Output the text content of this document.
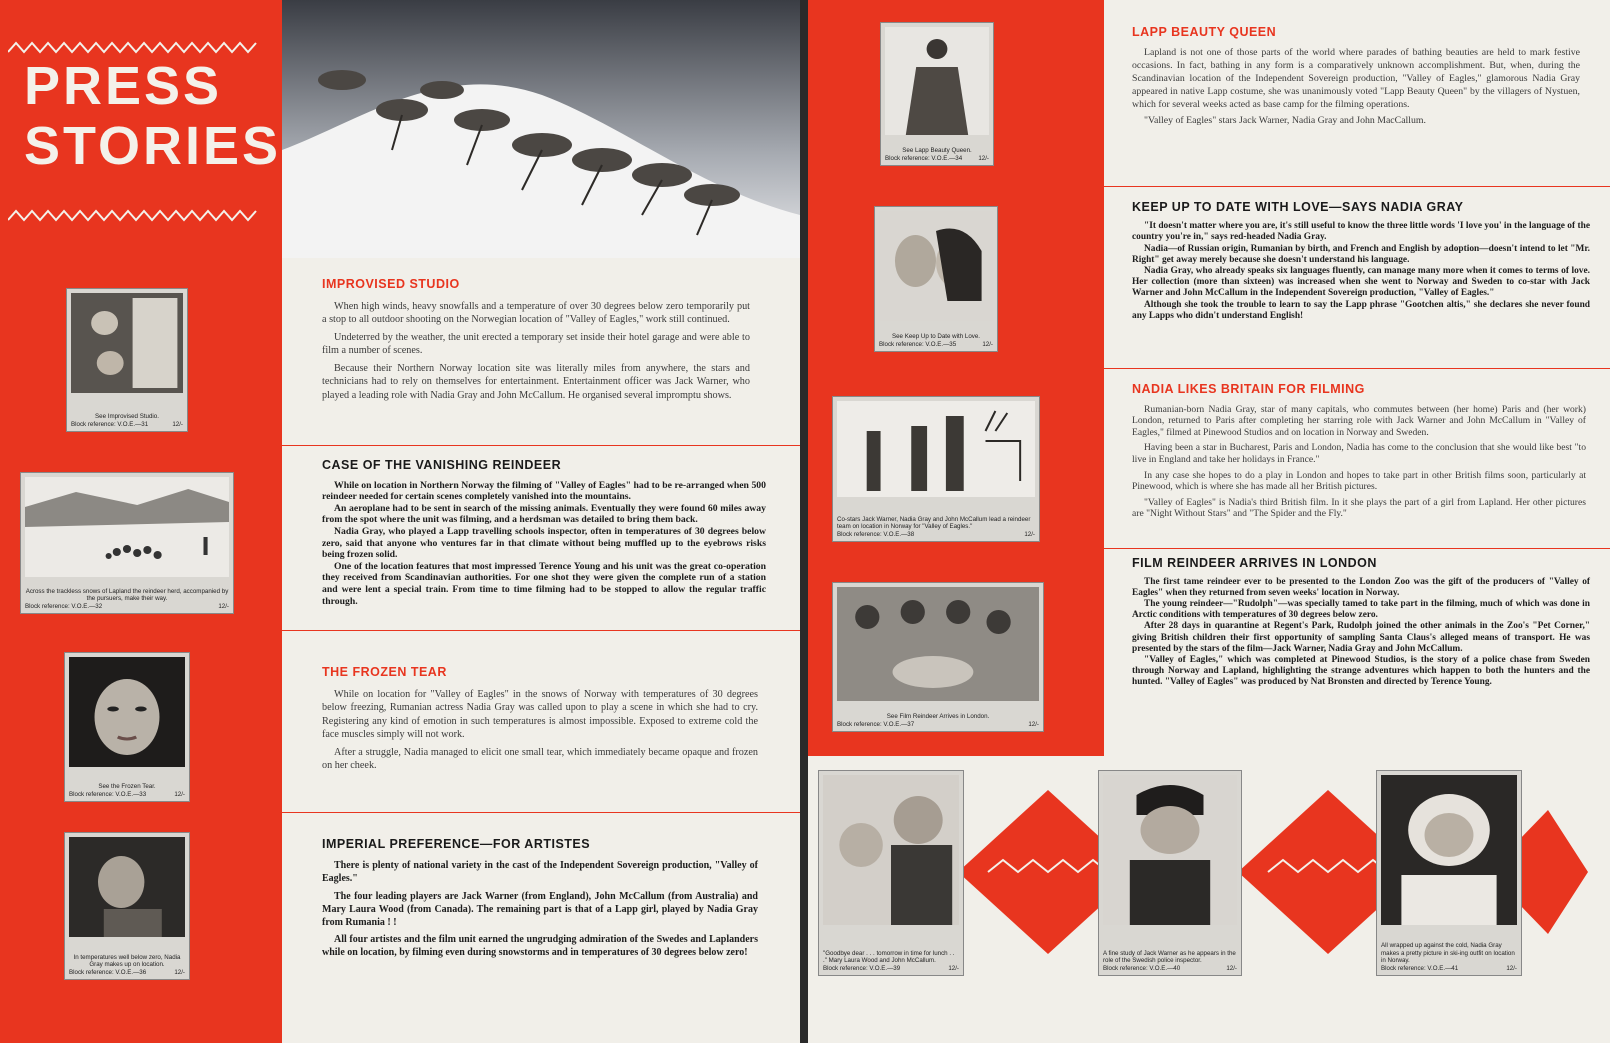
PRESS
STORIES
See Improvised Studio.
Block reference: V.O.E.—31	12/-
IMPROVISED STUDIO

When high winds, heavy snowfalls and a temperature of over 30 degrees below zero temporarily put a stop to all outdoor shooting on the Norwegian location of "Valley of Eagles," work still continued.

Undeterred by the weather, the unit erected a temporary set inside their hotel garage and were able to film a number of scenes.

Because their Northern Norway location site was literally miles from anywhere, the stars and technicians had to rely on themselves for entertainment. Entertainment officer was Jack Warner, who played a leading role with Nadia Gray and John McCallum. He organised several impromptu shows.

Across the trackless snows of Lapland the reindeer herd, accompanied by the pursuers, make their way.
Block reference: V.O.E.—32	12/-
CASE OF THE VANISHING REINDEER

While on location in Northern Norway the filming of "Valley of Eagles" had to be re-arranged when 500 reindeer needed for certain scenes completely vanished into the mountains.

An aeroplane had to be sent in search of the missing animals. Eventually they were found 60 miles away from the spot where the unit was filming, and a herdsman was detailed to bring them back.

Nadia Gray, who played a Lapp travelling schools inspector, often in temperatures of 30 degrees below zero, said that anyone who ventures far in that climate without being muffled up to the eyebrows risks being frozen solid.

One of the location features that most impressed Terence Young and his unit was the great co-operation they received from Scandinavian authorities. For one shot they were given the complete run of a station and were lent a special train. From time to time filming had to be stopped to allow the regular traffic through.

See the Frozen Tear.
Block reference: V.O.E.—33	12/-
THE FROZEN TEAR

While on location for "Valley of Eagles" in the snows of Norway with temperatures of 30 degrees below freezing, Rumanian actress Nadia Gray was called upon to play a scene in which she had to cry. Registering any kind of emotion in such temperatures is almost impossible. Exposed to extreme cold the face muscles simply will not work.

After a struggle, Nadia managed to elicit one small tear, which immediately became opaque and frozen on her cheek.

In temperatures well below zero, Nadia Gray makes up on location.
Block reference: V.O.E.—36	12/-
IMPERIAL PREFERENCE—FOR ARTISTES

There is plenty of national variety in the cast of the Independent Sovereign production, "Valley of Eagles."

The four leading players are Jack Warner (from England), John McCallum (from Australia) and Mary Laura Wood (from Canada). The remaining part is that of a Lapp girl, played by Nadia Gray from Rumania ! !

All four artistes and the film unit earned the ungrudging admiration of the Swedes and Laplanders while on location, by filming even during snowstorms and in temperatures of 30 degrees below zero!

See Lapp Beauty Queen.
Block reference: V.O.E.—34	12/-
LAPP BEAUTY QUEEN

Lapland is not one of those parts of the world where parades of bathing beauties are held to mark festive occasions. In fact, bathing in any form is a comparatively unknown accomplishment. But, when, during the Scandinavian location of the Independent Sovereign production, "Valley of Eagles," glamorous Nadia Gray appeared in native Lapp costume, she was unanimously voted "Lapp Beauty Queen" by the villagers of Nystuen, which for several weeks acted as base camp for the filming operations.

"Valley of Eagles" stars Jack Warner, Nadia Gray and John MacCallum.

See Keep Up to Date with Love.
Block reference: V.O.E.—35	12/-
KEEP UP TO DATE WITH LOVE—SAYS NADIA GRAY

"It doesn't matter where you are, it's still useful to know the three little words 'I love you' in the language of the country you're in," says red-headed Nadia Gray.

Nadia—of Russian origin, Rumanian by birth, and French and English by adoption—doesn't intend to let "Mr. Right" get away merely because she doesn't understand his language.

Nadia Gray, who already speaks six languages fluently, can manage many more when it comes to terms of love. Her collection (more than sixteen) was increased when she went to Norway and Sweden to co-star with Jack Warner and John McCallum in the Independent Sovereign production, "Valley of Eagles."

Although she took the trouble to learn to say the Lapp phrase "Gootchen altis," she declares she never found any Lapps who didn't understand English!

Co-stars Jack Warner, Nadia Gray and John McCallum lead a reindeer team on location in Norway for "Valley of Eagles."
Block reference: V.O.E.—38	12/-
NADIA LIKES BRITAIN FOR FILMING

Rumanian-born Nadia Gray, star of many capitals, who commutes between (her home) Paris and (her work) London, returned to Paris after completing her starring role with Jack Warner and John McCallum in "Valley of Eagles," filmed at Pinewood Studios and on location in Norway and Sweden.

Having been a star in Bucharest, Paris and London, Nadia has come to the conclusion that she would like best "to live in England and take her holidays in France."

In any case she hopes to do a play in London and hopes to take part in other British films soon, particularly at Pinewood, which is where she has made all her British pictures.

"Valley of Eagles" is Nadia's third British film. In it she plays the part of a girl from Lapland. Her other pictures are "Night Without Stars" and "The Spider and the Fly."

See Film Reindeer Arrives in London.
Block reference: V.O.E.—37	12/-
FILM REINDEER ARRIVES IN LONDON

The first tame reindeer ever to be presented to the London Zoo was the gift of the producers of "Valley of Eagles" when they returned from seven weeks' location in Norway.

The young reindeer—"Rudolph"—was specially tamed to take part in the filming, much of which was done in Arctic conditions with temperatures of 30 degrees below zero.

After 28 days in quarantine at Regent's Park, Rudolph joined the other animals in the Zoo's "Pet Corner," giving British children their first opportunity of sampling Santa Claus's alleged means of transport. He was presented by the stars of the film—Jack Warner, Nadia Gray and John McCallum.

"Valley of Eagles," which was completed at Pinewood Studios, is the story of a police chase from Sweden through Norway and Lapland, highlighting the strange adventures which happen to both the hunters and the hunted. "Valley of Eagles" was produced by Nat Bronsten and directed by Terence Young.

"Goodbye dear . . . tomorrow in time for lunch . . ." Mary Laura Wood and John McCallum.
Block reference: V.O.E.—39	12/-
A fine study of Jack Warner as he appears in the role of the Swedish police inspector.
Block reference: V.O.E.—40	12/-
All wrapped up against the cold, Nadia Gray makes a pretty picture in ski-ing outfit on location in Norway.
Block reference: V.O.E.—41	12/-
